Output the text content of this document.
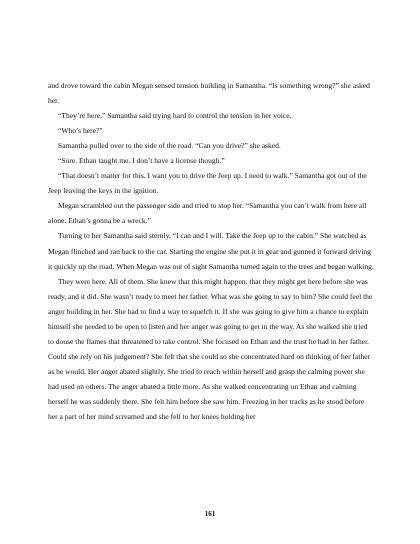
and drove toward the cabin Megan sensed tension building in Samantha. “Is something wrong?” she asked her.

“They’re here.” Samantha said trying hard to control the tension in her voice.

“Who’s here?”

Samantha pulled over to the side of the road. “Can you drive?” she asked.

“Sure. Ethan taught me. I don’t have a license though.”

“That doesn’t matter for this. I want you to drive the Jeep up. I need to walk.” Samantha got out of the Jeep leaving the keys in the ignition.

Megan scrambled out the passenger side and tried to stop her. “Samantha you can’t walk from here all alone. Ethan’s gonna be a wreck.”

Turning to her Samantha said sternly, “I can and I will. Take the Jeep up to the cabin.” She watched as Megan flinched and ran back to the car. Starting the engine she put it in gear and gunned it forward driving it quickly up the road. When Megan was out of sight Samantha turned again to the trees and began walking.

They were here. All of them. She knew that this might happen, that they might get here before she was ready, and it did. She wasn’t ready to meet her father. What was she going to say to him? She could feel the anger building in her. She had to find a way to squelch it. If she was going to give him a chance to explain himself she needed to be open to listen and her anger was going to get in the way. As she walked she tried to douse the flames that threatened to take control. She focused on Ethan and the trust he had in her father. Could she rely on his judgement? She felt that she could so she concentrated hard on thinking of her father as he would. Her anger abated slightly. She tried to reach within herself and grasp the calming power she had used on others. The anger abated a little more. As she walked concentrating on Ethan and calming herself he was suddenly there. She felt him before she saw him. Freezing in her tracks as he stood before her a part of her mind screamed and she fell to her knees holding her

161
